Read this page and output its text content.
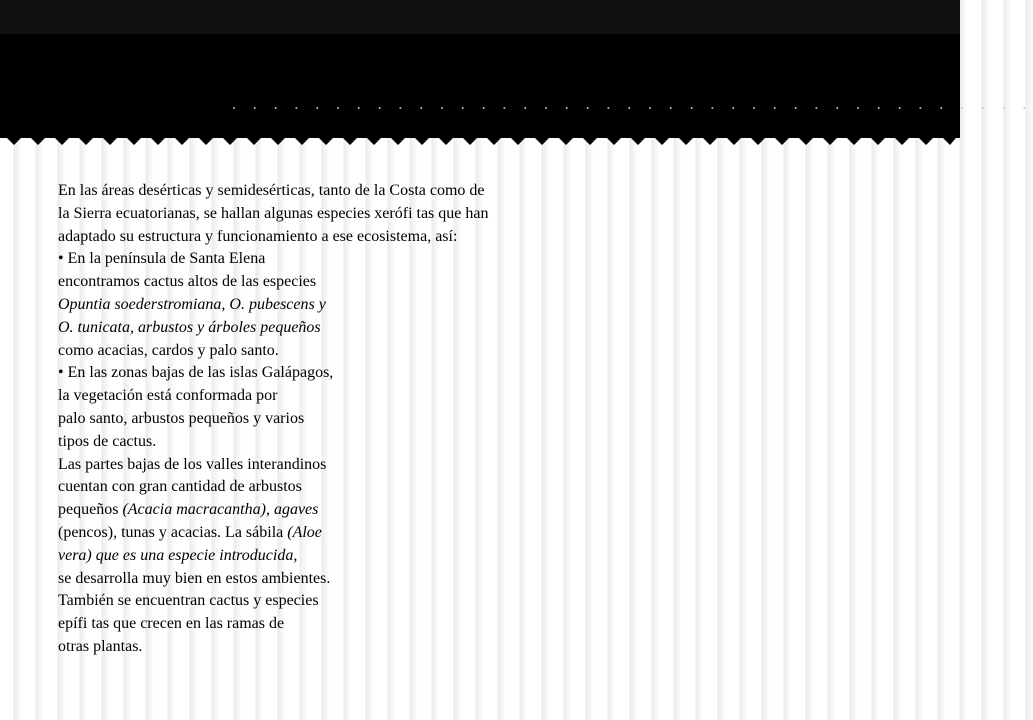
. . . . . . . . . . . . . . . . . . . . . . . . . . . . . . . . . . . . . . .
En las áreas desérticas y semidesérticas, tanto de la Costa como de
la Sierra ecuatorianas, se hallan algunas especies xerófi tas que han
adaptado su estructura y funcionamiento a ese ecosistema, así:
• En la península de Santa Elena
encontramos cactus altos de las especies
Opuntia soederstromiana, O. pubescens y
O. tunicata, arbustos y árboles pequeños
como acacias, cardos y palo santo.
• En las zonas bajas de las islas Galápagos,
la vegetación está conformada por
palo santo, arbustos pequeños y varios
tipos de cactus.
Las partes bajas de los valles interandinos
cuentan con gran cantidad de arbustos
pequeños (Acacia macracantha), agaves
(pencos), tunas y acacias. La sábila (Aloe
vera) que es una especie introducida,
se desarrolla muy bien en estos ambientes.
También se encuentran cactus y especies
epífi tas que crecen en las ramas de
otras plantas.
